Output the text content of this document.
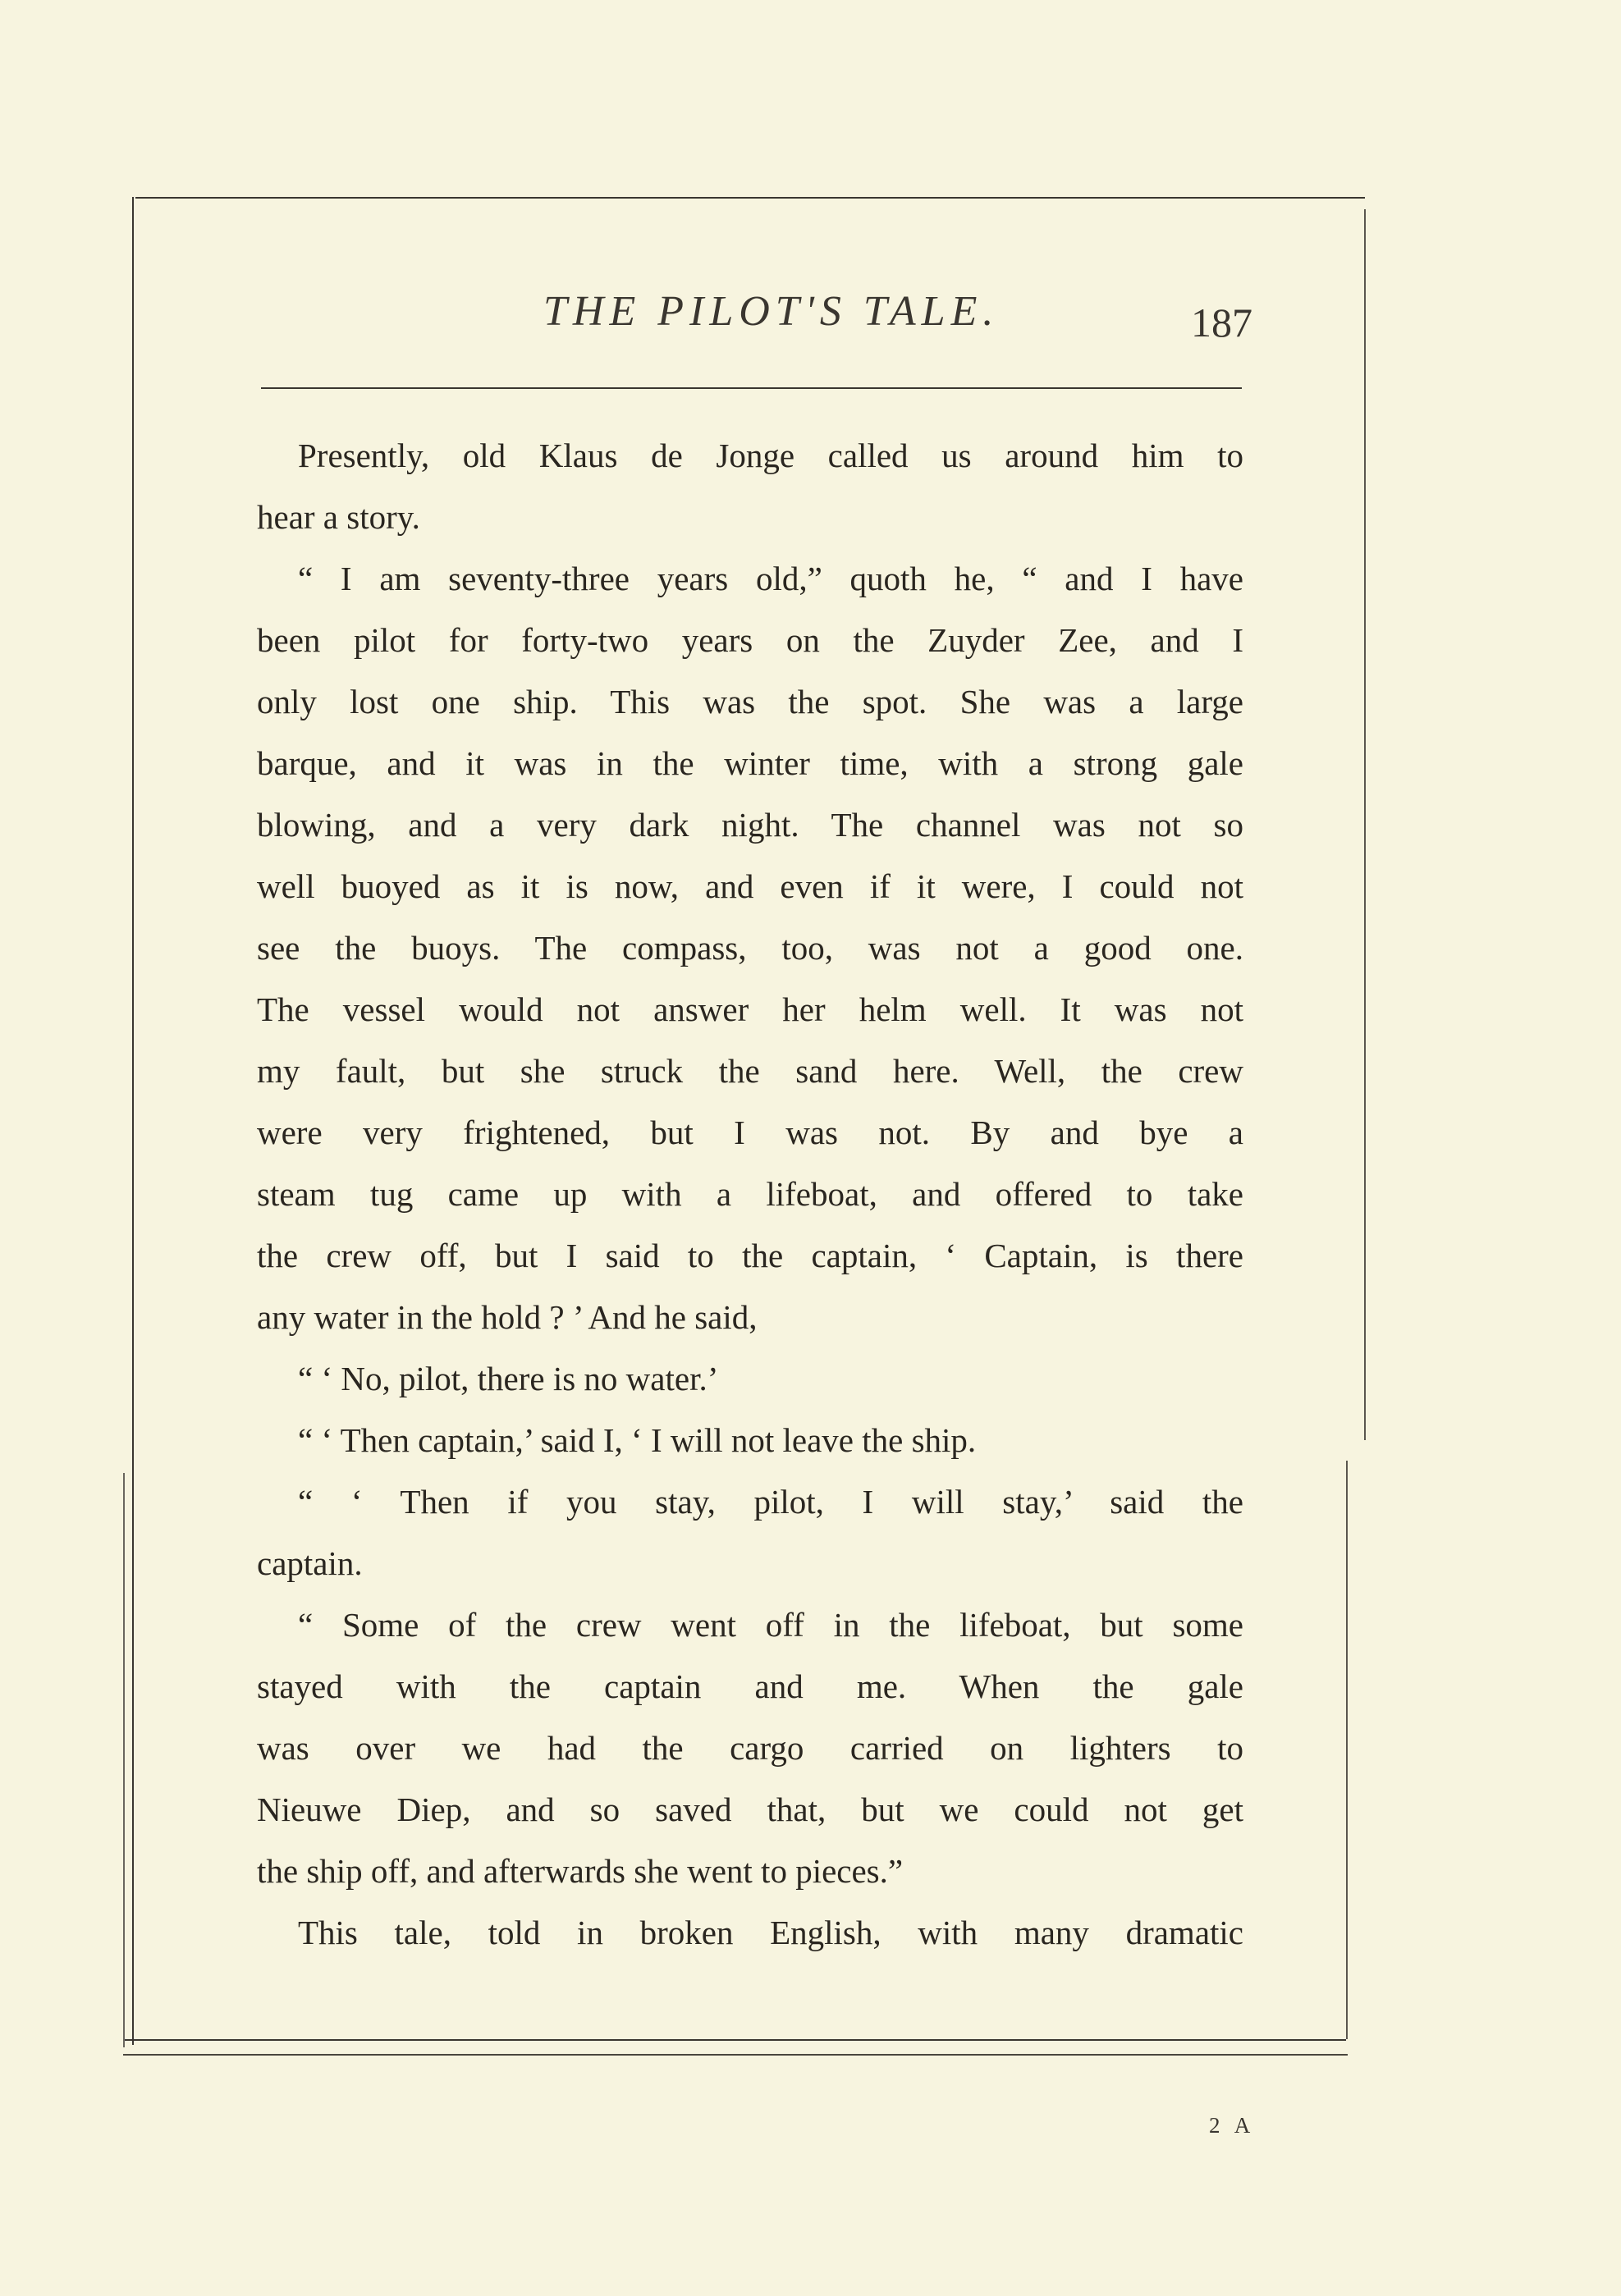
THE PILOT'S TALE.	187
Presently, old Klaus de Jonge called us around him to
hear a story.
“ I am seventy-three years old,” quoth he, “ and I have
been pilot for forty-two years on the Zuyder Zee, and I
only lost one ship. This was the spot. She was a large
barque, and it was in the winter time, with a strong gale
blowing, and a very dark night. The channel was not so
well buoyed as it is now, and even if it were, I could not
see the buoys. The compass, too, was not a good one.
The vessel would not answer her helm well. It was not
my fault, but she struck the sand here. Well, the crew
were very frightened, but I was not. By and bye a
steam tug came up with a lifeboat, and offered to take
the crew off, but I said to the captain, ‘ Captain, is there
any water in the hold ? ’ And he said,
“ ‘ No, pilot, there is no water.’
“ ‘ Then captain,’ said I, ‘ I will not leave the ship.
“ ‘ Then if you stay, pilot, I will stay,’ said the
captain.
“ Some of the crew went off in the lifeboat, but some
stayed with the captain and me. When the gale
was over we had the cargo carried on lighters to
Nieuwe Diep, and so saved that, but we could not get
the ship off, and afterwards she went to pieces.”
This tale, told in broken English, with many dramatic
2 A
